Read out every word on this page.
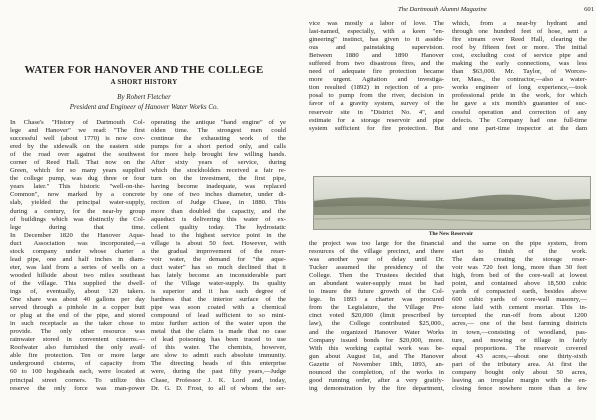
The Dartmouth Alumni Magazine	601
WATER FOR HANOVER AND THE COLLEGE
A SHORT HISTORY
By Robert Fletcher
President and Engineer of Hanover Water Works Co.
In Chase's "History of Dartmouth Col-
lege and Hanover" we read: "The first
successful well (about 1770) is now cov-
ered by the sidewalk on the eastern side
of the road over against the southwest
corner of Reed Hall. That now on the
Green, which for so many years supplied
the college pump, was dug three or four
years later." This historic "well-on-the-
Common", now marked by a concrete
slab, yielded the principal water-supply,
during a century, for the near-by group
of buildings which was distinctly the Col-
lege during that time.
In December 1820 the Hanover Aque-
duct Association was incorporated,—a
stock company under whose charter a
lead pipe, one and half inches in diam-
eter, was laid from a series of wells on a
wooded hillside about two miles southeast
of the village. This supplied the dwell-
ings of, eventually, about 120 takers.
One share was about 40 gallons per day
served through a pinhole in a copper butt
or plug at the end of the pipe, and stored
in such receptacle as the taker chose to
provide. The only other resource was
rainwater stored in convenient cisterns.—
Roofwater also furnished the only avail-
able fire protection. Ten or more large
underground cisterns, of capacity from
60 to 100 hogsheads each, were located at
principal street corners. To utilize this
reserve the only force was man-power
operating the antique "hand engine" of ye
olden time. The strongest men could
continue the exhausting work of the
pumps for a short period only, and calls
for more help brought few willing hands.
After sixty years of service, during
which the stockholders received a fair re-
turn on the investment, the first pipe,
having become inadequate, was replaced
by one of two inches diameter, under di-
rection of Judge Chase, in 1880. This
more than doubled the capacity, and the
aqueduct is delivering this water of ex-
cellent quality today. The hydrostatic
head to the highest service point in the
village is about 50 feet. However, with
the gradual improvement of the reser-
voir water, the demand for "the aque-
duct water" has so much declined that it
has lately become an inconsiderable part
of the Village water-supply. Its quality
is superior and it has such degree of
hardness that the interior surface of the
pipe was soon coated with a chemical
compound of lead sufficient to so mini-
mize further action of the water upon the
metal that the claim is made that no case
of lead poisoning has been traced to use
of this water. The chemists, however,
are slow to admit such absolute immunity.
The directing heads of this enterprise
were, during the past fifty years,—Judge
Chase, Professor J. K. Lord and, today,
Dr. G. D. Frost, to all of whom the ser-
vice was mostly a labor of love. The
last-named, especially, with a keen "en-
gineering" instinct, has given to it assidu-
ous and painstaking supervision.
Between 1880 and 1890 Hanover
suffered from two disastrous fires, and the
need of adequate fire protection became
more urgent. Agitation and investiga-
tion resulted (1892) in rejection of a pro-
posal to pump from the river, decision in
favor of a gravity system, survey of the
reservoir site in "District No. 4", and
estimate for a storage reservoir and pipe
system sufficient for fire protection. But
which, from a near-by hydrant and
through one hundred feet of hose, sent a
fire stream over Reed Hall, clearing the
roof by fifteen feet or more. The initial
cost, excluding cost of service pipe and
making the early connections, was less
than $63,000. Mr. Taylor, of Worces-
ter, Mass., the contractor,—also a water-
works engineer of long experience,—took
professional pride in the work, for which
he gave a six month's guarantee of suc-
cessful operation and correction of any
defects. The Company had one full-time
and one part-time inspector at the dam
The New Reservoir
the project was too large for the financial
resources of the village precinct, and there
was another year of delay until Dr.
Tucker assumed the presidency of the
College. Then the Trustees decided that
an abundant water-supply must be had
to insure the future growth of the Col-
lege. In 1893 a charter was procured
from the Legislature, the Village Pre-
cinct voted $20,000 (limit prescribed by
law), the College contributed $25,000.,
and the organized Hanover Water Works
Company issued bonds for $20,000, more.
With this working capital work was be-
gun about August 1st, and The Hanover
Gazette of November 18th, 1893, an-
nounced the completion, of the works in
good running order, after a very gratify-
ing demonstration by the fire department,
and the same on the pipe system, from
start to finish of the work.
The dam creating the storage reser-
voir was 720 feet long, more than 30 feet
high, from bed of the core-wall at lowest
point, and contained above 18,500 cubic
yards of compacted earth, besides above
600 cubic yards of core-wall masonry,—
stone laid with cement mortar. This in-
tercepted the run-off from about 1200
acres,— one of the best farming districts
in town,—consisting of woodland, pas-
ture, and mowing or tillage in fairly
equal proportions. The reservoir covered
about 43 acres,—about one thirty-sixth
part of the tributary area. At first the
company bought only about 50 acres,
leaving an irregular margin with the en-
closing fence nowhere more than a few
